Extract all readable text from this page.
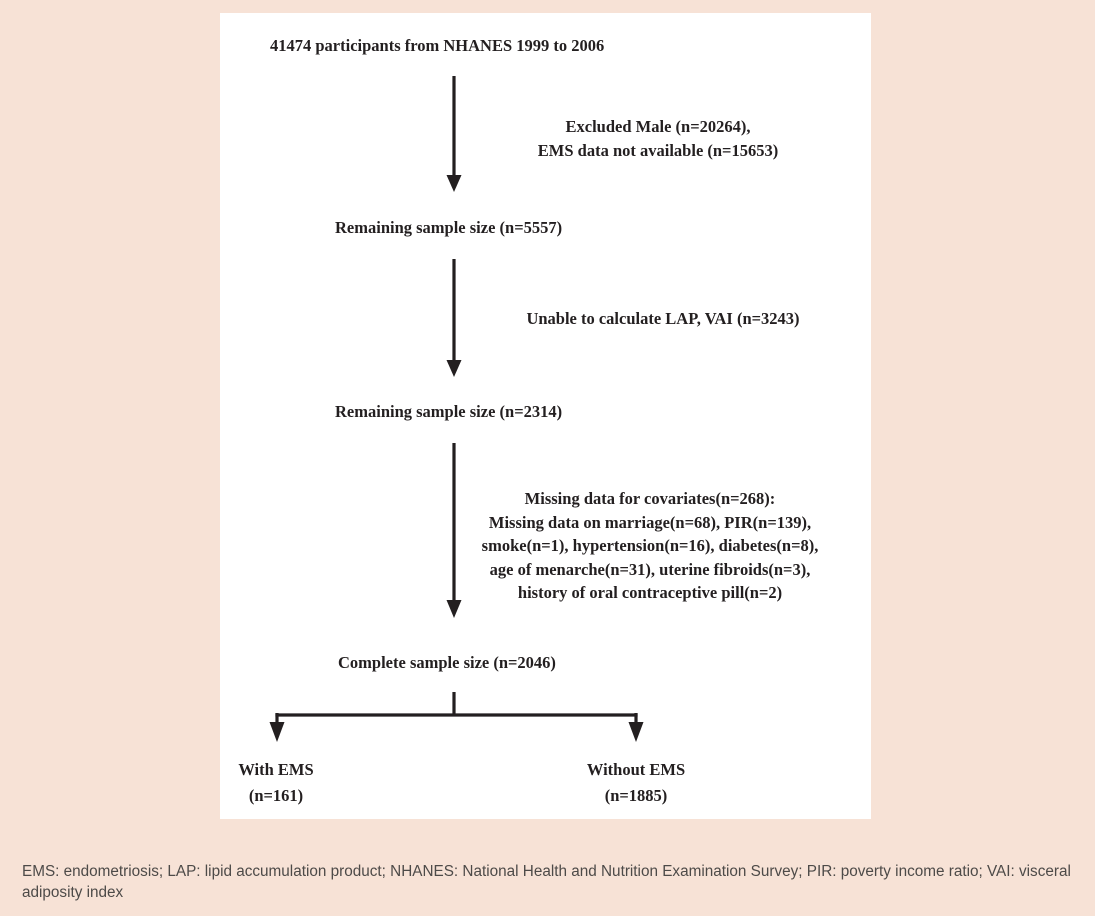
41474 participants from NHANES 1999 to 2006
Excluded Male (n=20264),
EMS data not available (n=15653)
Remaining sample size (n=5557)
Unable to calculate LAP, VAI (n=3243)
Remaining sample size (n=2314)
Missing data for covariates(n=268):
Missing data on marriage(n=68), PIR(n=139),
smoke(n=1), hypertension(n=16), diabetes(n=8),
age of menarche(n=31), uterine fibroids(n=3),
history of oral contraceptive pill(n=2)
Complete sample size (n=2046)
With EMS
(n=161)
Without EMS
(n=1885)
EMS: endometriosis; LAP: lipid accumulation product; NHANES: National Health and Nutrition Examination Survey; PIR: poverty income ratio; VAI: visceral adiposity index
